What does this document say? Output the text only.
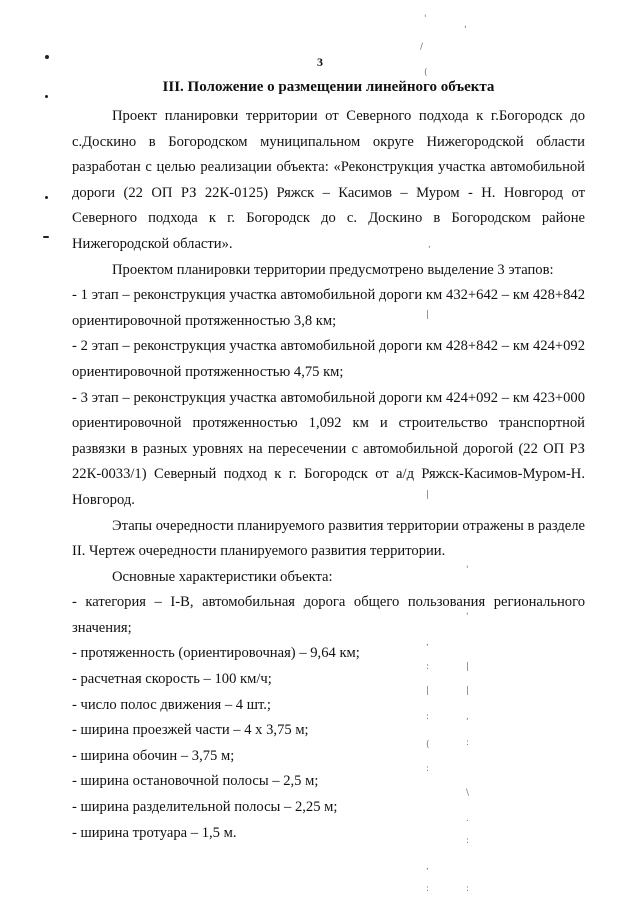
3
III. Положение о размещении линейного объекта

Проект планировки территории от Северного подхода к г.Богородск до с.Доскино в Богородском муниципальном округе Нижегородской области разработан с целью реализации объекта: «Реконструкция участка автомобильной дороги (22 ОП РЗ 22К-0125) Ряжск – Касимов – Муром - Н. Новгород от Северного подхода к г. Богородск до с. Доскино в Богородском районе Нижегородской области».

Проектом планировки территории предусмотрено выделение 3 этапов:

- 1 этап – реконструкция участка автомобильной дороги км 432+642 – км 428+842 ориентировочной протяженностью 3,8 км;

- 2 этап – реконструкция участка автомобильной дороги км 428+842 – км 424+092 ориентировочной протяженностью 4,75 км;

- 3 этап – реконструкция участка автомобильной дороги км 424+092 – км 423+000 ориентировочной протяженностью 1,092 км и строительство транспортной развязки в разных уровнях на пересечении с автомобильной дорогой (22 ОП РЗ 22К-0033/1) Северный подход к г. Богородск от а/д Ряжск-Касимов-Муром-Н. Новгород.

Этапы очередности планируемого развития территории отражены в разделе II. Чертеж очередности планируемого развития территории.

Основные характеристики объекта:

- категория – I-В, автомобильная дорога общего пользования регионального значения;

- протяженность (ориентировочная) – 9,64 км;

- расчетная скорость – 100 км/ч;

- число полос движения – 4 шт.;

- ширина проезжей части – 4 х 3,75 м;

- ширина обочин – 3,75 м;

- ширина остановочной полосы – 2,5 м;

- ширина разделительной полосы – 2,25 м;

- ширина тротуара – 1,5 м.

'
,
/
(
,
|
|
'
'
,
:	|
|	|
:	,
(	:
:
\
.
:
,
:	:
